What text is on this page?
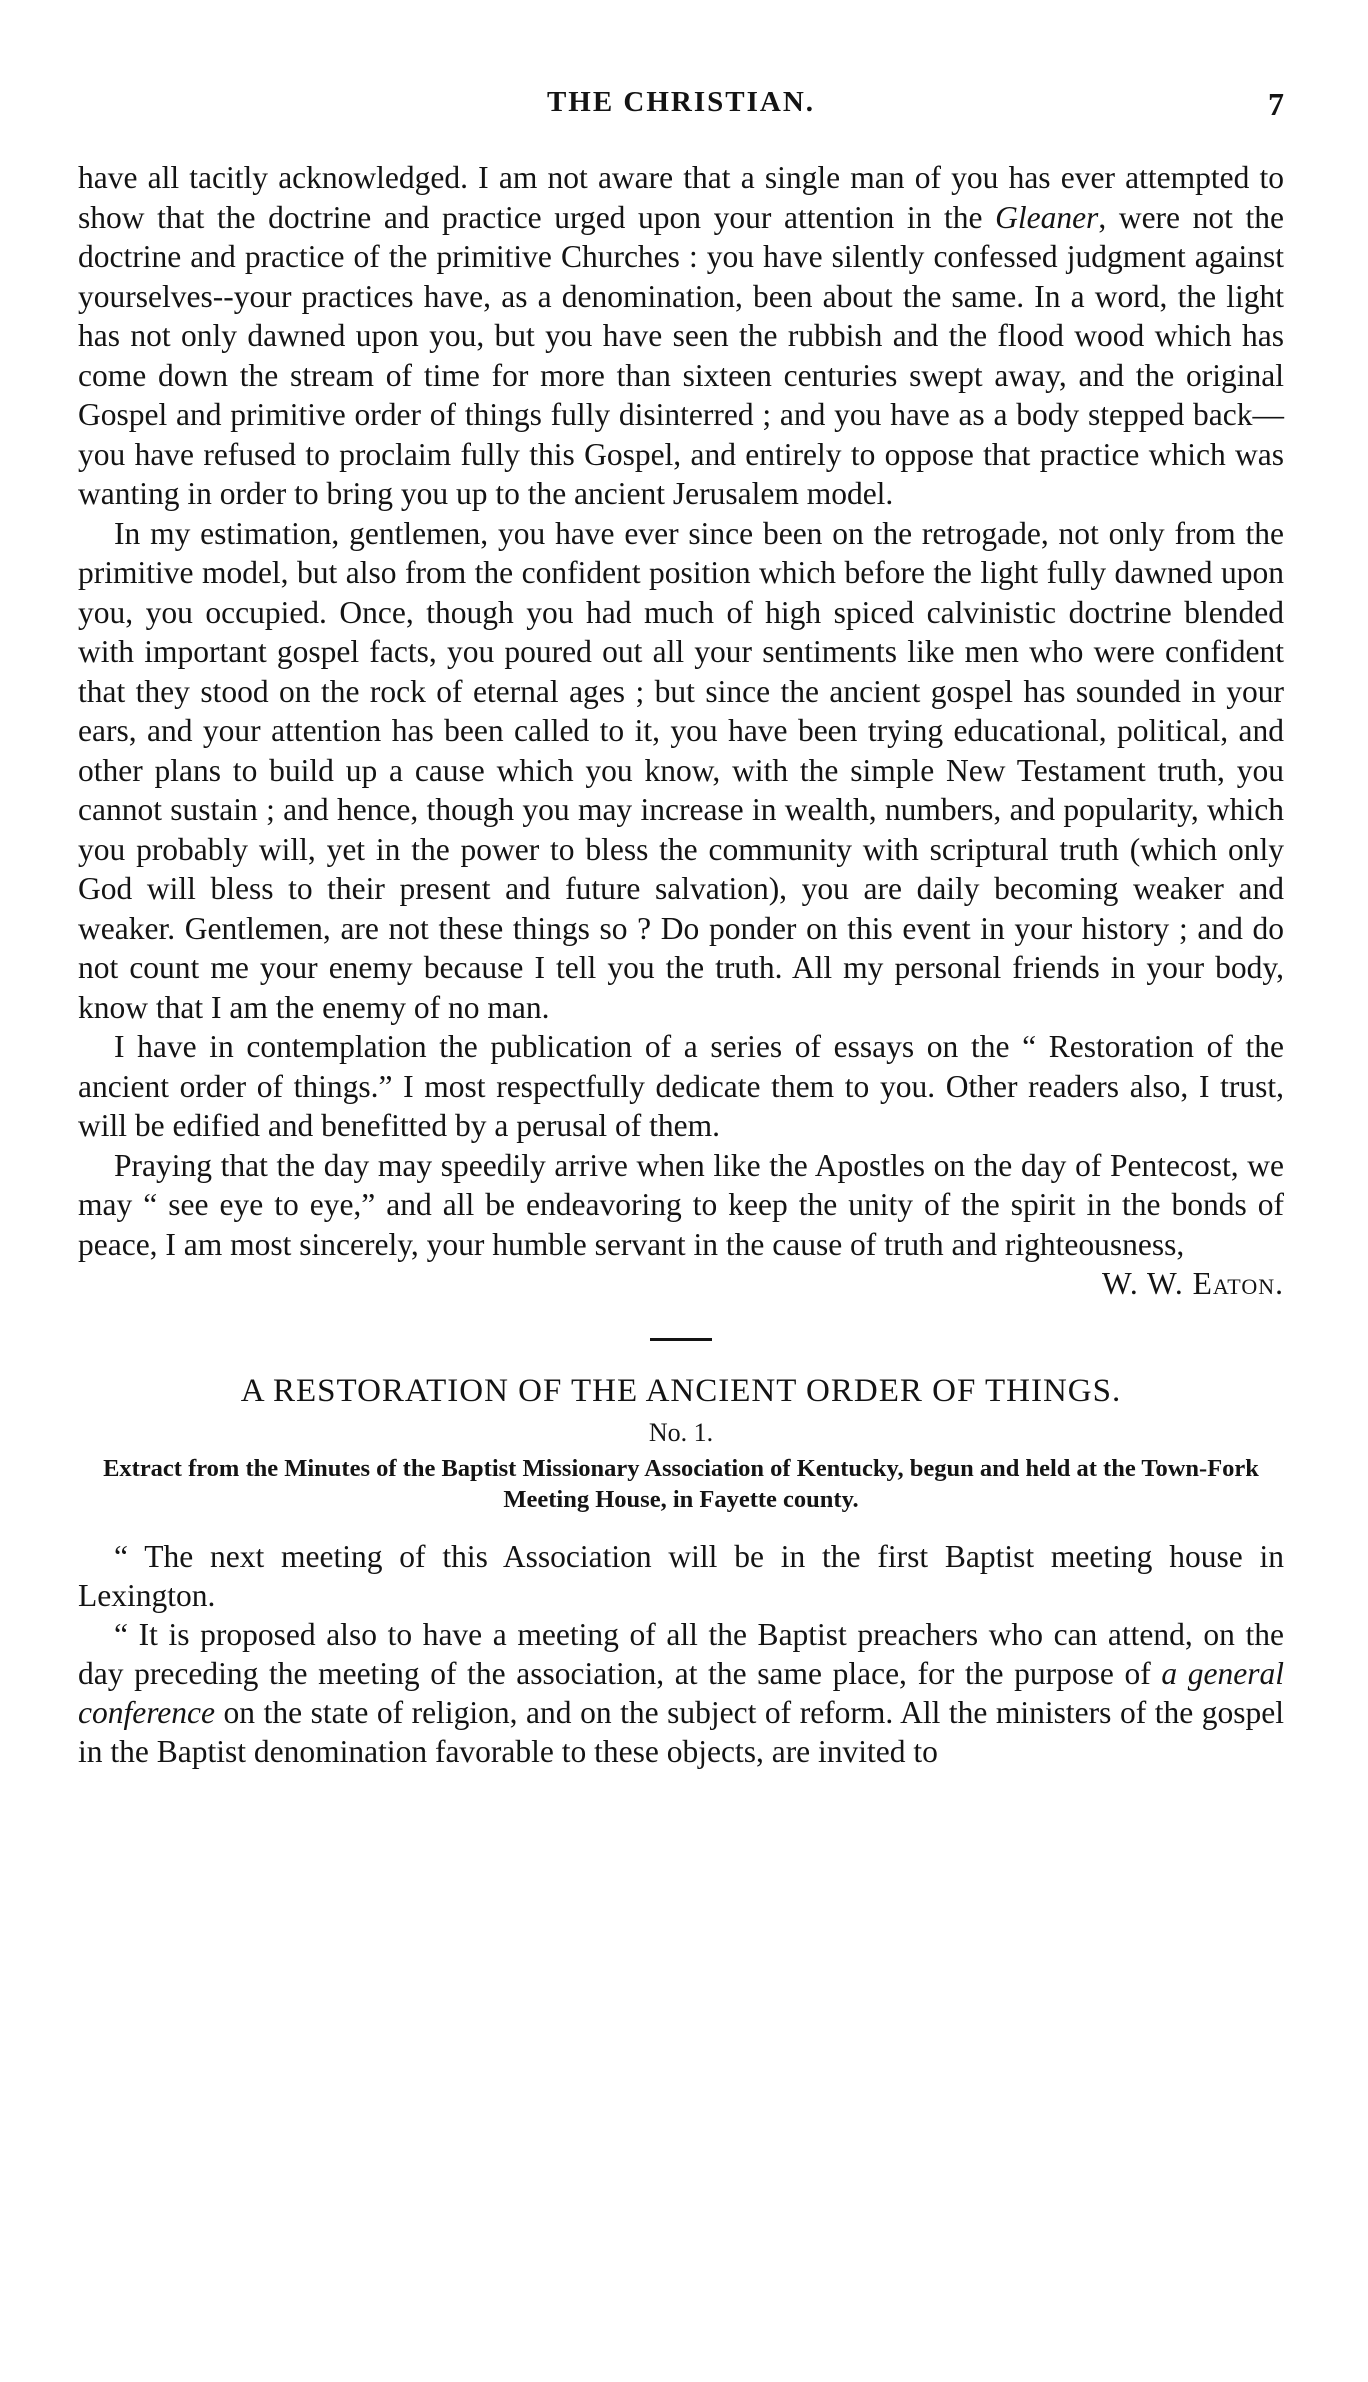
THE CHRISTIAN.	7

have all tacitly acknowledged. I am not aware that a single man of you has ever attempted to show that the doctrine and practice urged upon your attention in the Gleaner, were not the doctrine and practice of the primitive Churches : you have silently confessed judgment against yourselves--your practices have, as a denomination, been about the same. In a word, the light has not only dawned upon you, but you have seen the rubbish and the flood wood which has come down the stream of time for more than sixteen centuries swept away, and the original Gospel and primitive order of things fully disinterred ; and you have as a body stepped back—you have refused to proclaim fully this Gospel, and entirely to oppose that practice which was wanting in order to bring you up to the ancient Jerusalem model.

In my estimation, gentlemen, you have ever since been on the retrogade, not only from the primitive model, but also from the confident position which before the light fully dawned upon you, you occupied. Once, though you had much of high spiced calvinistic doctrine blended with important gospel facts, you poured out all your sentiments like men who were confident that they stood on the rock of eternal ages ; but since the ancient gospel has sounded in your ears, and your attention has been called to it, you have been trying educational, political, and other plans to build up a cause which you know, with the simple New Testament truth, you cannot sustain ; and hence, though you may increase in wealth, numbers, and popularity, which you probably will, yet in the power to bless the community with scriptural truth (which only God will bless to their present and future salvation), you are daily becoming weaker and weaker. Gentlemen, are not these things so ? Do ponder on this event in your history ; and do not count me your enemy because I tell you the truth. All my personal friends in your body, know that I am the enemy of no man.

I have in contemplation the publication of a series of essays on the “ Restoration of the ancient order of things.” I most respectfully dedicate them to you. Other readers also, I trust, will be edified and benefitted by a perusal of them.

Praying that the day may speedily arrive when like the Apostles on the day of Pentecost, we may “ see eye to eye,” and all be endeavoring to keep the unity of the spirit in the bonds of peace, I am most sincerely, your humble servant in the cause of truth and righteousness,

W. W. Eaton.

A RESTORATION OF THE ANCIENT ORDER OF THINGS.

No. 1.

Extract from the Minutes of the Baptist Missionary Association of Kentucky, begun and held at the Town-Fork Meeting House, in Fayette county.

“ The next meeting of this Association will be in the first Baptist meeting house in Lexington.

“ It is proposed also to have a meeting of all the Baptist preachers who can attend, on the day preceding the meeting of the association, at the same place, for the purpose of a general conference on the state of religion, and on the subject of reform. All the ministers of the gospel in the Baptist denomination favorable to these objects, are invited to
